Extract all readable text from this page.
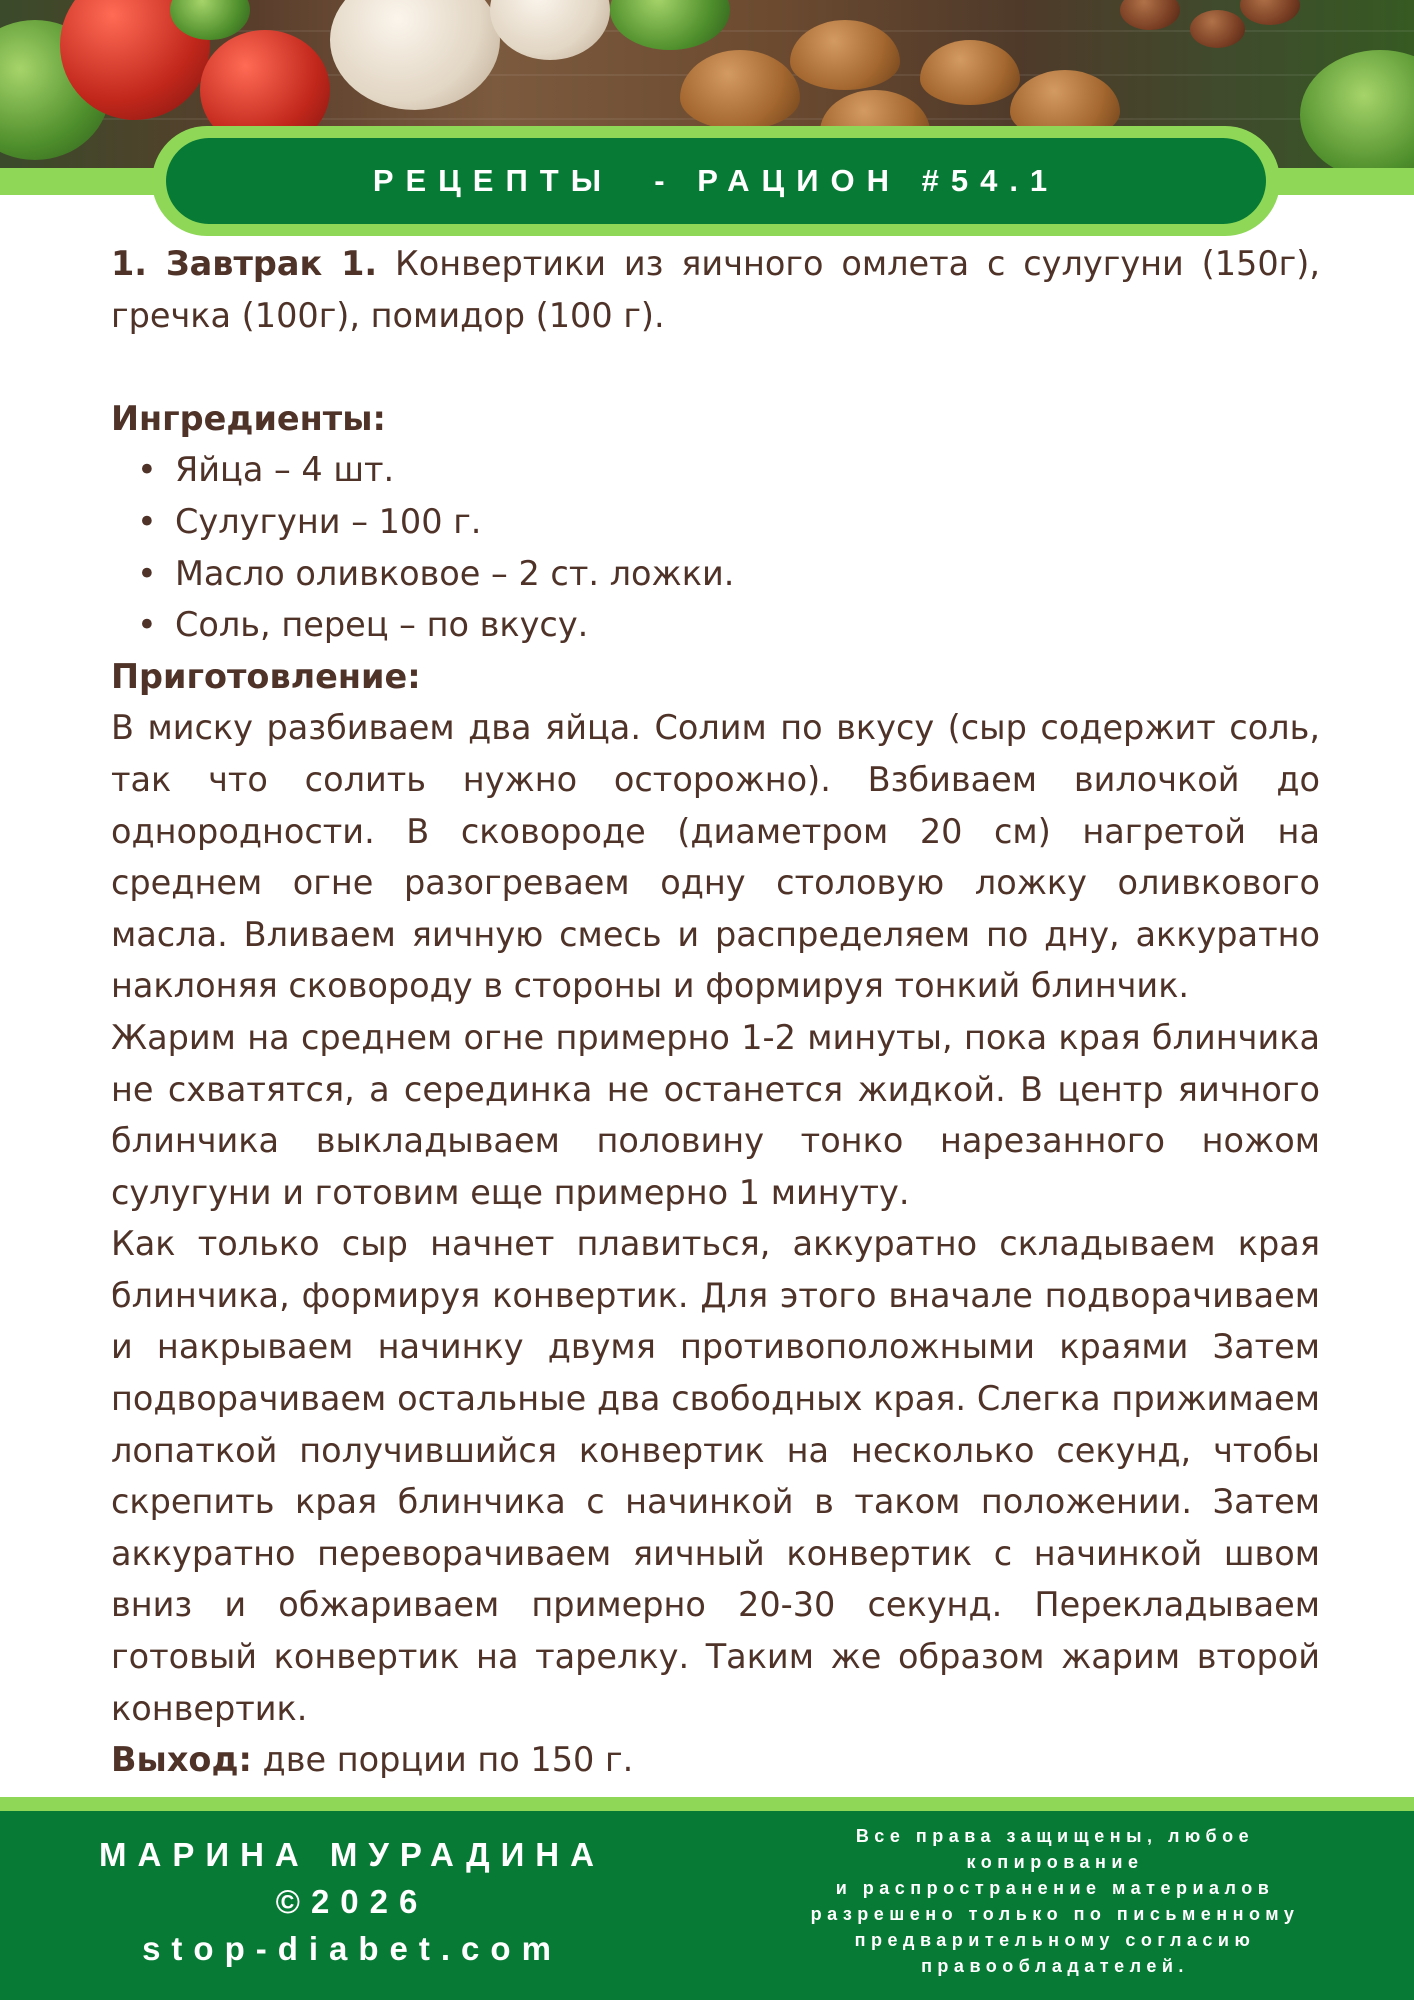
РЕЦЕПТЫ  - РАЦИОН #54.1

1. Завтрак 1. Конвертики из яичного омлета с сулугуни (150г), гречка (100г), помидор (100 г).

Ингредиенты:
• Яйца – 4 шт.
• Сулугуни – 100 г.
• Масло оливковое – 2 ст. ложки.
• Соль, перец – по вкусу.
Приготовление:

В миску разбиваем два яйца. Солим по вкусу (сыр содержит соль, так что солить нужно осторожно). Взбиваем вилочкой до однородности. В сковороде (диаметром 20 см) нагретой на среднем огне разогреваем одну столовую ложку оливкового масла. Вливаем яичную смесь и распределяем по дну, аккуратно наклоняя сковороду в стороны и формируя тонкий блинчик.

Жарим на среднем огне примерно 1-2 минуты, пока края блинчика не схватятся, а серединка не останется жидкой. В центр яичного блинчика выкладываем половину тонко нарезанного ножом сулугуни и готовим еще примерно 1 минуту.

Как только сыр начнет плавиться, аккуратно складываем края блинчика, формируя конвертик. Для этого вначале подворачиваем и накрываем начинку двумя противоположными краями Затем подворачиваем остальные два свободных края. Слегка прижимаем лопаткой получившийся конвертик на несколько секунд, чтобы скрепить края блинчика с начинкой в таком положении. Затем аккуратно переворачиваем яичный конвертик с начинкой швом вниз и обжариваем примерно 20-30 секунд. Перекладываем готовый конвертик на тарелку. Таким же образом жарим второй конвертик.

Выход: две порции по 150 г.

МАРИНА МУРАДИНА
©2026
stop-diabet.com
Все права защищены, любое
копирование
и распространение материалов
разрешено только по письменному
предварительному согласию
правообладателей.
